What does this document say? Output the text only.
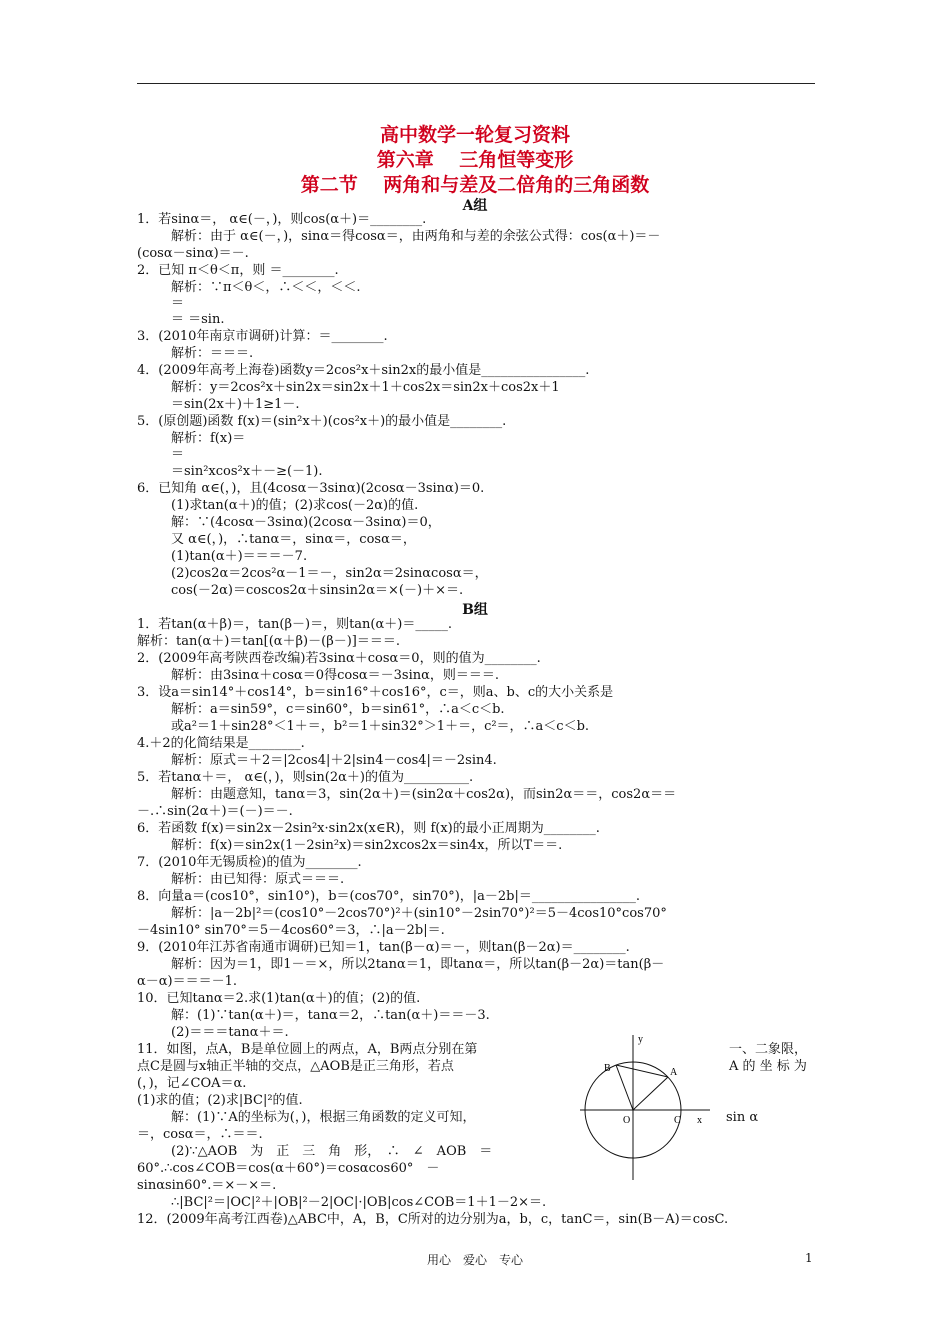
高中数学一轮复习资料
第六章　 三角恒等变形
第二节　 两角和与差及二倍角的三角函数
A组
1．若sinα＝， α∈(－，)，则cos(α＋)＝________.
解析：由于 α∈(－，)，sinα＝得cosα＝，由两角和与差的余弦公式得：cos(α＋)＝－
(cosα－sinα)＝－.
2．已知 π＜θ＜π，则 ＝________.
解析：∵π＜θ＜，∴＜＜，＜＜.
＝
＝ ＝sin.
3．(2010年南京市调研)计算：＝________.
解析：＝＝＝.
4．(2009年高考上海卷)函数y＝2cos²x＋sin2x的最小值是________________.
解析：y＝2cos²x＋sin2x＝sin2x＋1＋cos2x＝sin2x＋cos2x＋1
＝sin(2x＋)＋1≥1－.
5．(原创题)函数 f(x)＝(sin²x＋)(cos²x＋)的最小值是________.
解析：f(x)＝
＝
＝sin²xcos²x＋－≥(－1).
6．已知角 α∈(，)，且(4cosα－3sinα)(2cosα－3sinα)＝0.
(1)求tan(α＋)的值；(2)求cos(－2α)的值.
解：∵(4cosα－3sinα)(2cosα－3sinα)＝0，
又 α∈(，)，∴tanα＝，sinα＝，cosα＝，
(1)tan(α＋)＝＝＝－7.
(2)cos2α＝2cos²α－1＝－，sin2α＝2sinαcosα＝，
cos(－2α)＝coscos2α＋sinsin2α＝×(－)＋×＝.
B组
1．若tan(α＋β)＝，tan(β－)＝，则tan(α＋)＝_____.
解析：tan(α＋)＝tan[(α＋β)－(β－)]＝＝＝.
2．(2009年高考陕西卷改编)若3sinα＋cosα＝0，则的值为________.
解析：由3sinα＋cosα＝0得cosα＝－3sinα，则＝＝＝.
3．设a＝sin14°＋cos14°，b＝sin16°＋cos16°，c＝，则a、b、c的大小关系是
解析：a＝sin59°，c＝sin60°，b＝sin61°，∴a＜c＜b.
或a²＝1＋sin28°＜1＋＝，b²＝1＋sin32°＞1＋＝，c²＝，∴a＜c＜b.
4.＋2的化简结果是________.
解析：原式＝＋2＝|2cos4|＋2|sin4－cos4|＝－2sin4.
5．若tanα＋＝， α∈(，)，则sin(2α＋)的值为__________.
解析：由题意知，tanα＝3，sin(2α＋)＝(sin2α＋cos2α)，而sin2α＝＝，cos2α＝＝
－.∴sin(2α＋)＝(－)＝－.
6．若函数 f(x)＝sin2x－2sin²x·sin2x(x∈R)，则 f(x)的最小正周期为________.
解析：f(x)＝sin2x(1－2sin²x)＝sin2xcos2x＝sin4x，所以T＝＝.
7．(2010年无锡质检)的值为________.
解析：由已知得：原式＝＝＝.
8．向量a＝(cos10°，sin10°)，b＝(cos70°，sin70°)，|a－2b|＝________________.
解析：|a－2b|²＝(cos10°－2cos70°)²＋(sin10°－2sin70°)²＝5－4cos10°cos70°
－4sin10° sin70°＝5－4cos60°＝3，∴|a－2b|＝.
9．(2010年江苏省南通市调研)已知＝1，tan(β－α)＝－，则tan(β－2α)＝________.
解析：因为＝1，即1－＝×，所以2tanα＝1，即tanα＝，所以tan(β－2α)＝tan(β－
α－α)＝＝＝－1.
10．已知tanα＝2.求(1)tan(α＋)的值；(2)的值.
解：(1)∵tan(α＋)＝，tanα＝2，∴tan(α＋)＝＝－3.
(2)＝＝＝tanα＋＝.
11．如图，点A，B是单位圆上的两点，A，B两点分别在第
点C是圆与x轴正半轴的交点，△AOB是正三角形，若点
(，)，记∠COA＝α.
(1)求的值；(2)求|BC|²的值.
解：(1)∵A的坐标为(，)，根据三角函数的定义可知，
＝，cosα＝，∴＝＝.
(2)∵△AOB　为　正　三　角　形，　∴　∠　AOB　＝
60°.∴cos∠COB＝cos(α＋60°)＝cosαcos60°　－
sinαsin60°.＝×－×＝.
∴|BC|²＝|OC|²＋|OB|²－2|OC|·|OB|cos∠COB＝1＋1－2×＝.
12．(2009年高考江西卷)△ABC中，A，B，C所对的边分别为a，b，c，tanC＝，sin(B－A)＝cosC.
一、二象限，
A 的 坐 标 为
sin α
y
x
O
A
B
C
用心　爱心　专心	1
